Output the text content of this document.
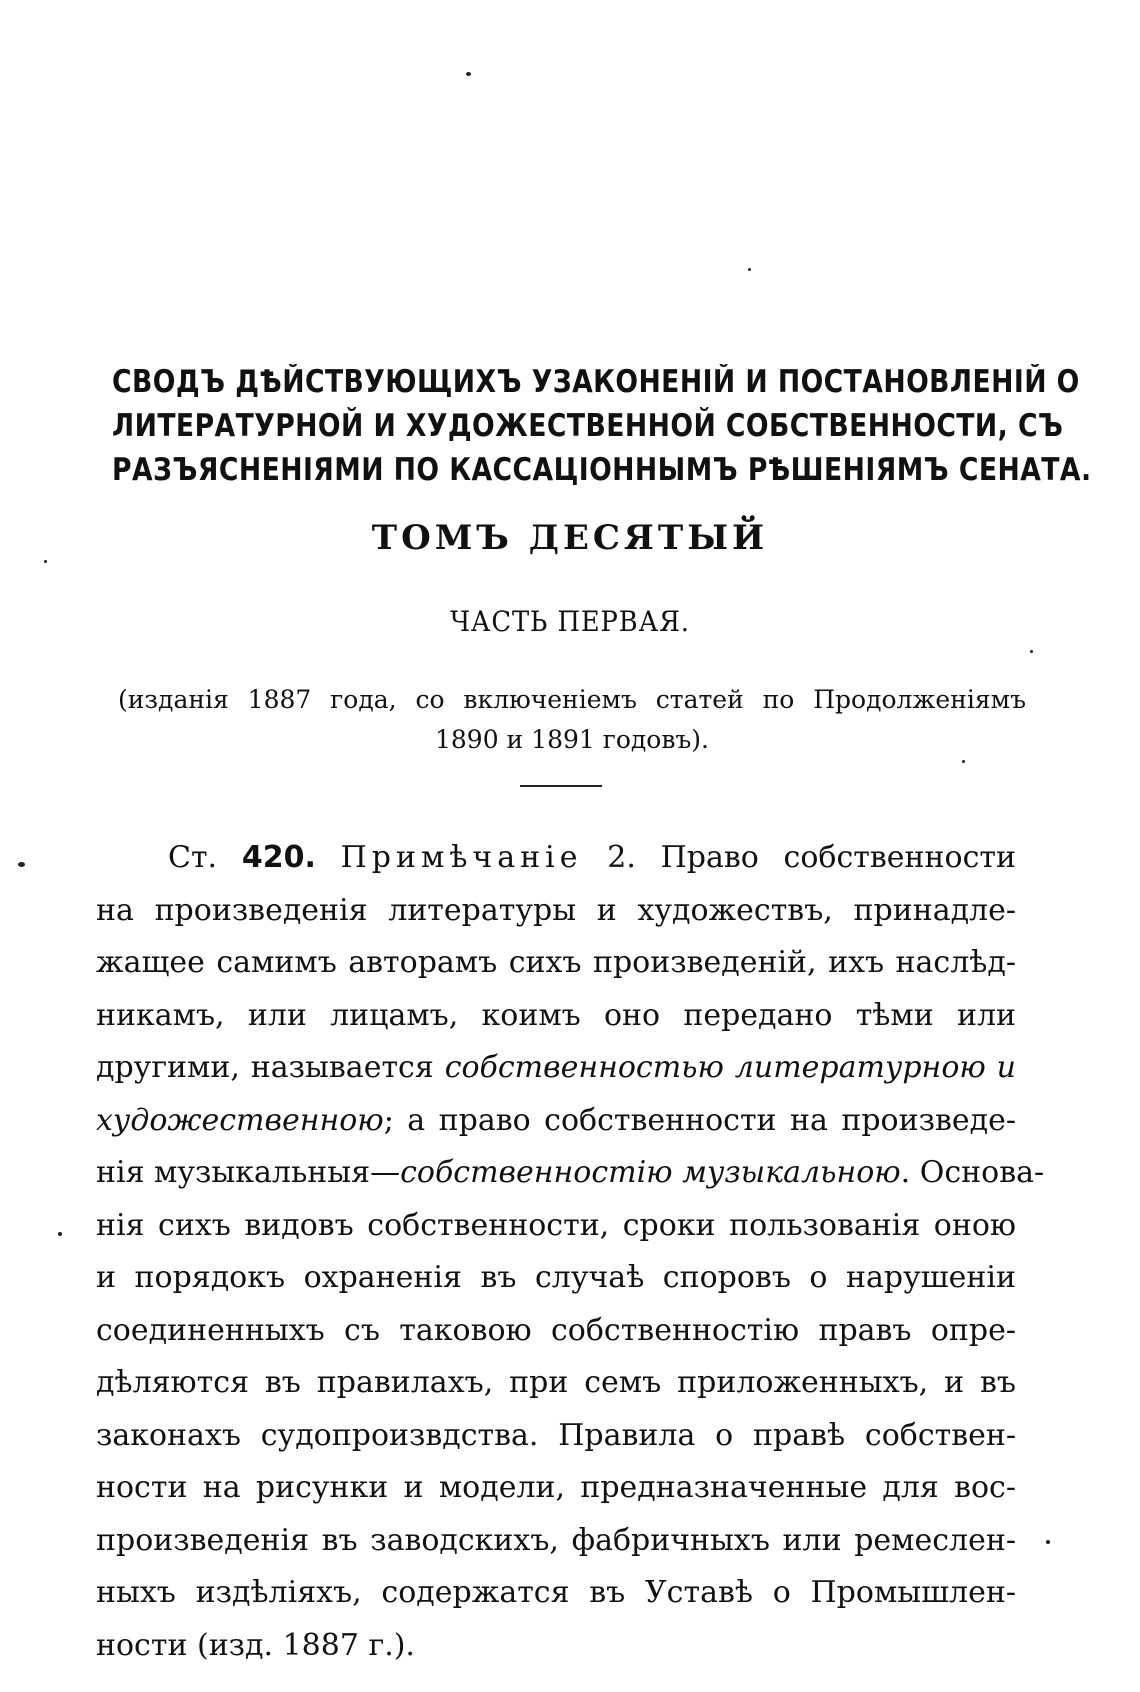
СВОДЪ ДѢЙСТВУЮЩИХЪ УЗАКОНЕНІЙ И ПОСТАНОВЛЕНІЙ О
ЛИТЕРАТУРНОЙ И ХУДОЖЕСТВЕННОЙ СОБСТВЕННОСТИ, СЪ
РАЗЪЯСНЕНІЯМИ ПО КАССАЦІОННЫМЪ РѢШЕНІЯМЪ СЕНАТА.
ТОМЪ ДЕСЯТЫЙ
ЧАСТЬ ПЕРВАЯ.
(изданія 1887 года, со включеніемъ статей по Продолженіямъ
1890 и 1891 годовъ).
Ст. 420. Примѣчаніе 2. Право собственности
на произведенія литературы и художествъ, принадле-
жащее самимъ авторамъ сихъ произведеній, ихъ наслѣд-
никамъ, или лицамъ, коимъ оно передано тѣми или
другими, называется собственностью литературною и
художественною; а право собственности на произведе-
нія музыкальныя—собственностію музыкальною. Основа-
нія сихъ видовъ собственности, сроки пользованія оною
и порядокъ охраненія въ случаѣ споровъ о нарушеніи
соединенныхъ съ таковою собственностію правъ опре-
дѣляются въ правилахъ, при семъ приложенныхъ, и въ
законахъ судопроизвдства. Правила о правѣ собствен-
ности на рисунки и модели, предназначенные для вос-
произведенія въ заводскихъ, фабричныхъ или ремеслен-
ныхъ издѣліяхъ, содержатся въ Уставѣ о Промышлен-
ности (изд. 1887 г.).
